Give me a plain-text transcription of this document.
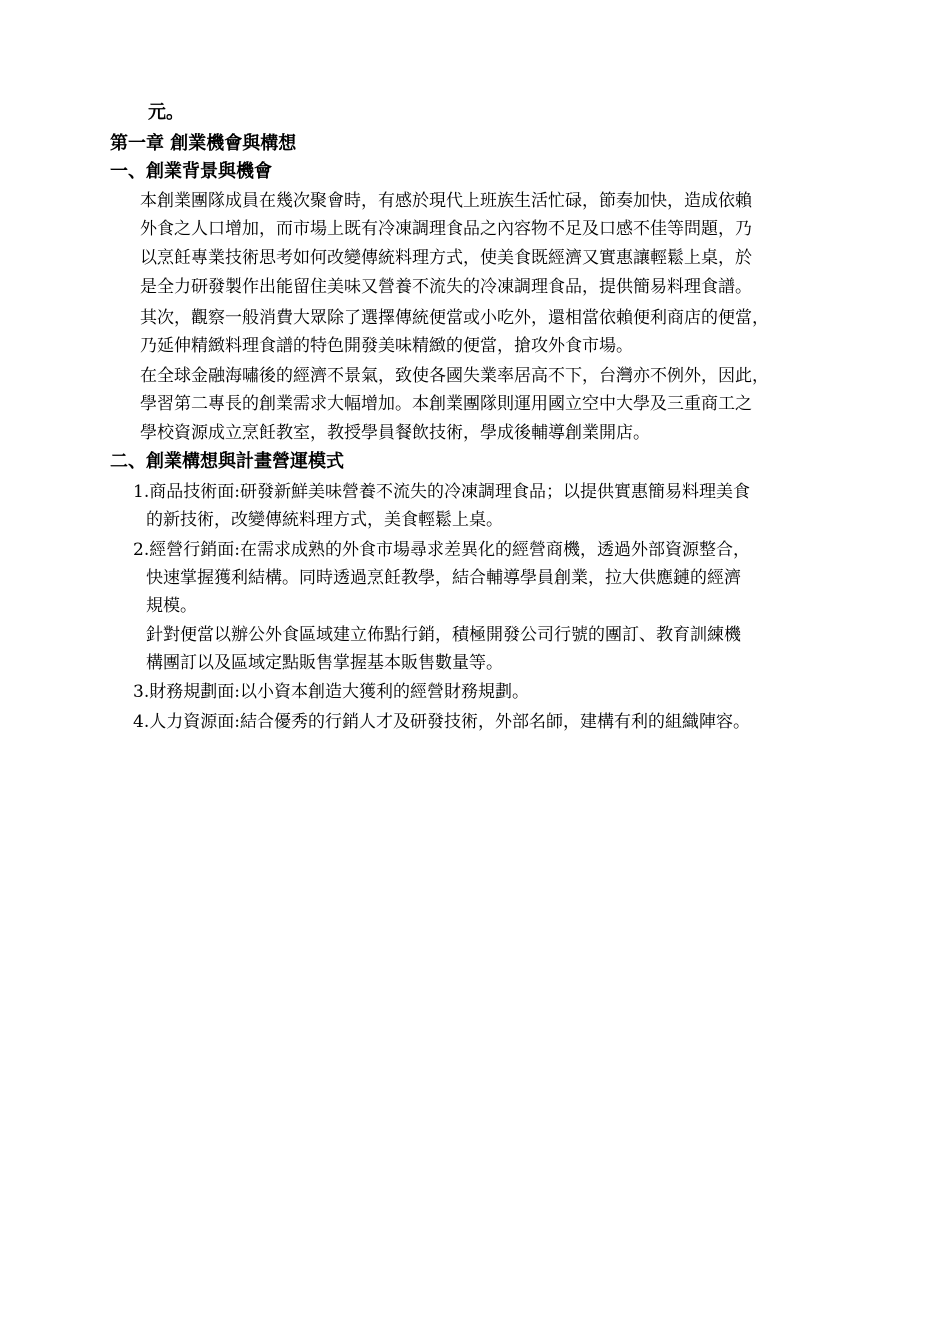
元。
第一章 創業機會與構想
一、創業背景與機會
本創業團隊成員在幾次聚會時，有感於現代上班族生活忙碌，節奏加快，造成依賴
外食之人口增加，而市場上既有冷凍調理食品之內容物不足及口感不佳等問題，乃
以烹飪專業技術思考如何改變傳統料理方式，使美食既經濟又實惠讓輕鬆上桌，於
是全力研發製作出能留住美味又營養不流失的冷凍調理食品，提供簡易料理食譜。
其次，觀察一般消費大眾除了選擇傳統便當或小吃外，還相當依賴便利商店的便當，
乃延伸精緻料理食譜的特色開發美味精緻的便當，搶攻外食市場。
在全球金融海嘯後的經濟不景氣，致使各國失業率居高不下，台灣亦不例外，因此，
學習第二專長的創業需求大幅增加。本創業團隊則運用國立空中大學及三重商工之
學校資源成立烹飪教室，教授學員餐飲技術，學成後輔導創業開店。
二、創業構想與計畫營運模式
1.商品技術面:研發新鮮美味營養不流失的冷凍調理食品；以提供實惠簡易料理美食
的新技術，改變傳統料理方式，美食輕鬆上桌。
2.經營行銷面:在需求成熟的外食市場尋求差異化的經營商機，透過外部資源整合，
快速掌握獲利結構。同時透過烹飪教學，結合輔導學員創業，拉大供應鏈的經濟
規模。
針對便當以辦公外食區域建立佈點行銷，積極開發公司行號的團訂、教育訓練機
構團訂以及區域定點販售掌握基本販售數量等。
3.財務規劃面:以小資本創造大獲利的經營財務規劃。
4.人力資源面:結合優秀的行銷人才及研發技術，外部名師，建構有利的組織陣容。
